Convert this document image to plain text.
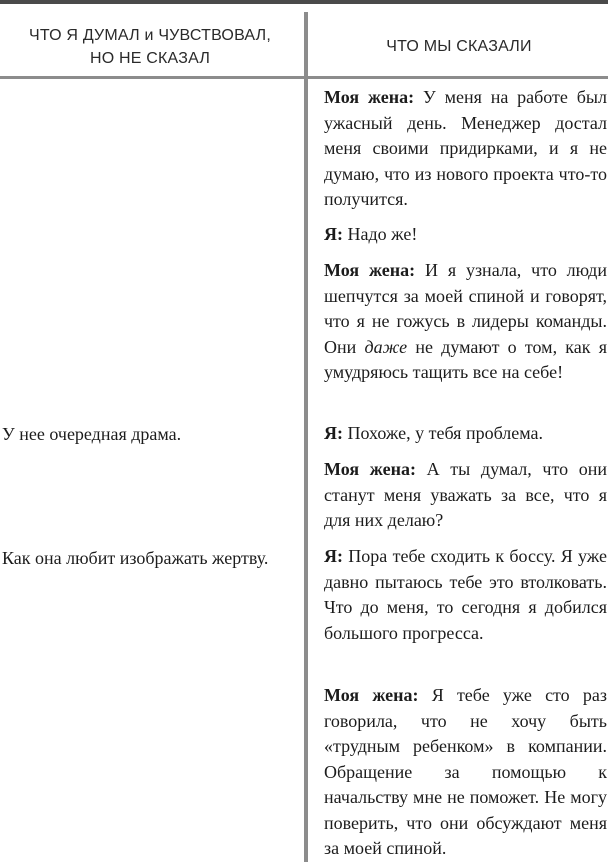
ЧТО Я ДУМАЛ и ЧУВСТВОВАЛ,
НО НЕ СКАЗАЛ
ЧТО МЫ СКАЗАЛИ
У нее очередная драма.
Как она любит изображать жертву.
Моя жена: У меня на работе был ужасный день. Менеджер достал меня своими придирками, и я не думаю, что из нового проекта что-то получится.
Я: Надо же!
Моя жена: И я узнала, что люди шепчутся за моей спиной и говорят, что я не гожусь в лидеры команды. Они даже не думают о том, как я умудряюсь тащить все на себе!
Я: Похоже, у тебя проблема.
Моя жена: А ты думал, что они станут меня уважать за все, что я для них делаю?
Я: Пора тебе сходить к боссу. Я уже давно пытаюсь тебе это втолковать. Что до меня, то сегодня я добился большого прогресса.
Моя жена: Я тебе уже сто раз говорила, что не хочу быть «трудным ребенком» в компании. Обращение за помощью к начальству мне не поможет. Не могу поверить, что они обсуждают меня за моей спиной.
